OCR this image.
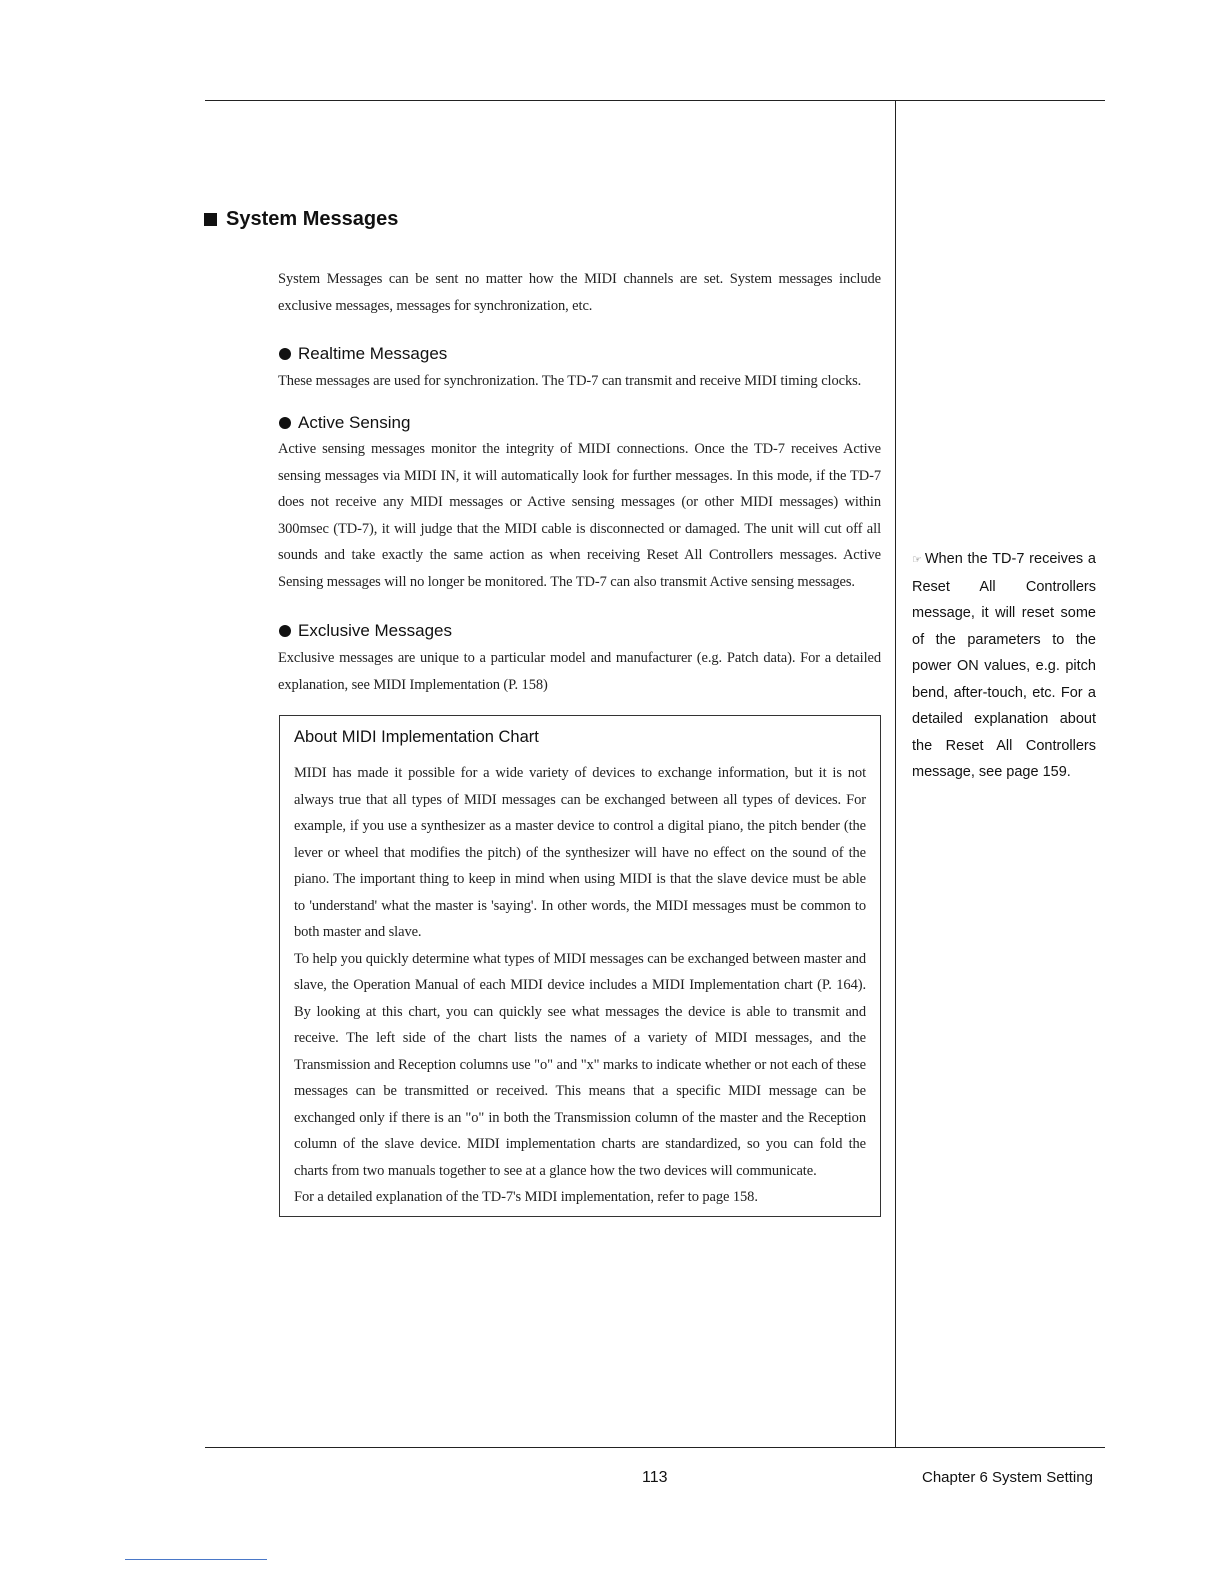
System Messages

System Messages can be sent no matter how the MIDI channels are set. System messages include exclusive messages, messages for synchronization, etc.

Realtime Messages

These messages are used for synchronization. The TD-7 can transmit and receive MIDI timing clocks.

Active Sensing

Active sensing messages monitor the integrity of MIDI connections. Once the TD-7 receives Active sensing messages via MIDI IN, it will automatically look for further messages. In this mode, if the TD-7 does not receive any MIDI messages or Active sensing messages (or other MIDI messages) within 300msec (TD-7), it will judge that the MIDI cable is disconnected or damaged. The unit will cut off all sounds and take exactly the same action as when receiving Reset All Controllers messages. Active Sensing messages will no longer be monitored. The TD-7 can also transmit Active sensing messages.

Exclusive Messages

Exclusive messages are unique to a particular model and manufacturer (e.g. Patch data). For a detailed explanation, see MIDI Implementation (P. 158)

About MIDI Implementation Chart

MIDI has made it possible for a wide variety of devices to exchange information, but it is not always true that all types of MIDI messages can be exchanged between all types of devices. For example, if you use a synthesizer as a master device to control a digital piano, the pitch bender (the lever or wheel that modifies the pitch) of the synthesizer will have no effect on the sound of the piano. The important thing to keep in mind when using MIDI is that the slave device must be able to 'understand' what the master is 'saying'. In other words, the MIDI messages must be common to both master and slave.

To help you quickly determine what types of MIDI messages can be exchanged between master and slave, the Operation Manual of each MIDI device includes a MIDI Implementation chart (P. 164). By looking at this chart, you can quickly see what messages the device is able to transmit and receive. The left side of the chart lists the names of a variety of MIDI messages, and the Transmission and Reception columns use "o" and "x" marks to indicate whether or not each of these messages can be transmitted or received. This means that a specific MIDI message can be exchanged only if there is an "o" in both the Transmission column of the master and the Reception column of the slave device. MIDI implementation charts are standardized, so you can fold the charts from two manuals together to see at a glance how the two devices will communicate.

For a detailed explanation of the TD-7's MIDI implementation, refer to page 158.

☞ When the TD-7 receives a Reset All Controllers message, it will reset some of the parameters to the power ON values, e.g. pitch bend, after-touch, etc. For a detailed explanation about the Reset All Controllers message, see page 159.

113	Chapter 6 System Setting
